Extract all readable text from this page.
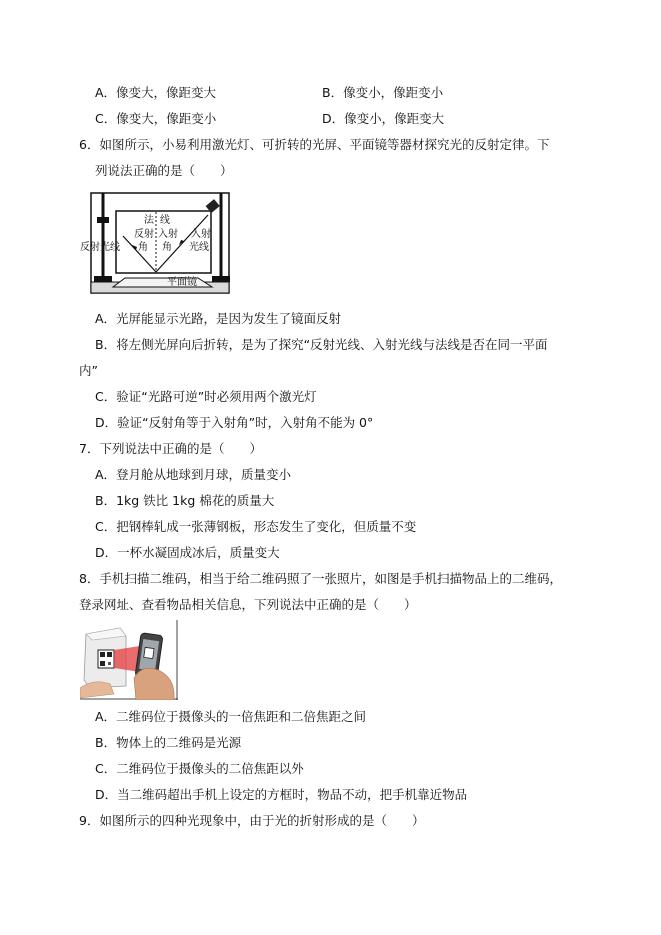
A．像变大，像距变大	B．像变小，像距变小
C．像变大，像距变小	D．像变小，像距变大
6．如图所示，小易利用激光灯、可折转的光屏、平面镜等器材探究光的反射定律。下
列说法正确的是（　　）
法 线
反射
角
入射
角
入射
光线
反射光线
平面镜
A．光屏能显示光路，是因为发生了镜面反射
B．将左侧光屏向后折转，是为了探究“反射光线、入射光线与法线是否在同一平面
内”
C．验证“光路可逆”时必须用两个激光灯
D．验证“反射角等于入射角”时，入射角不能为 0°
7．下列说法中正确的是（　　）
A．登月舱从地球到月球，质量变小
B．1kg 铁比 1kg 棉花的质量大
C．把钢棒轧成一张薄钢板，形态发生了变化，但质量不变
D．一杯水凝固成冰后，质量变大
8．手机扫描二维码，相当于给二维码照了一张照片，如图是手机扫描物品上的二维码，
登录网址、查看物品相关信息，下列说法中正确的是（　　）
A．二维码位于摄像头的一倍焦距和二倍焦距之间
B．物体上的二维码是光源
C．二维码位于摄像头的二倍焦距以外
D．当二维码超出手机上设定的方框时，物品不动，把手机靠近物品
9．如图所示的四种光现象中，由于光的折射形成的是（　　）
